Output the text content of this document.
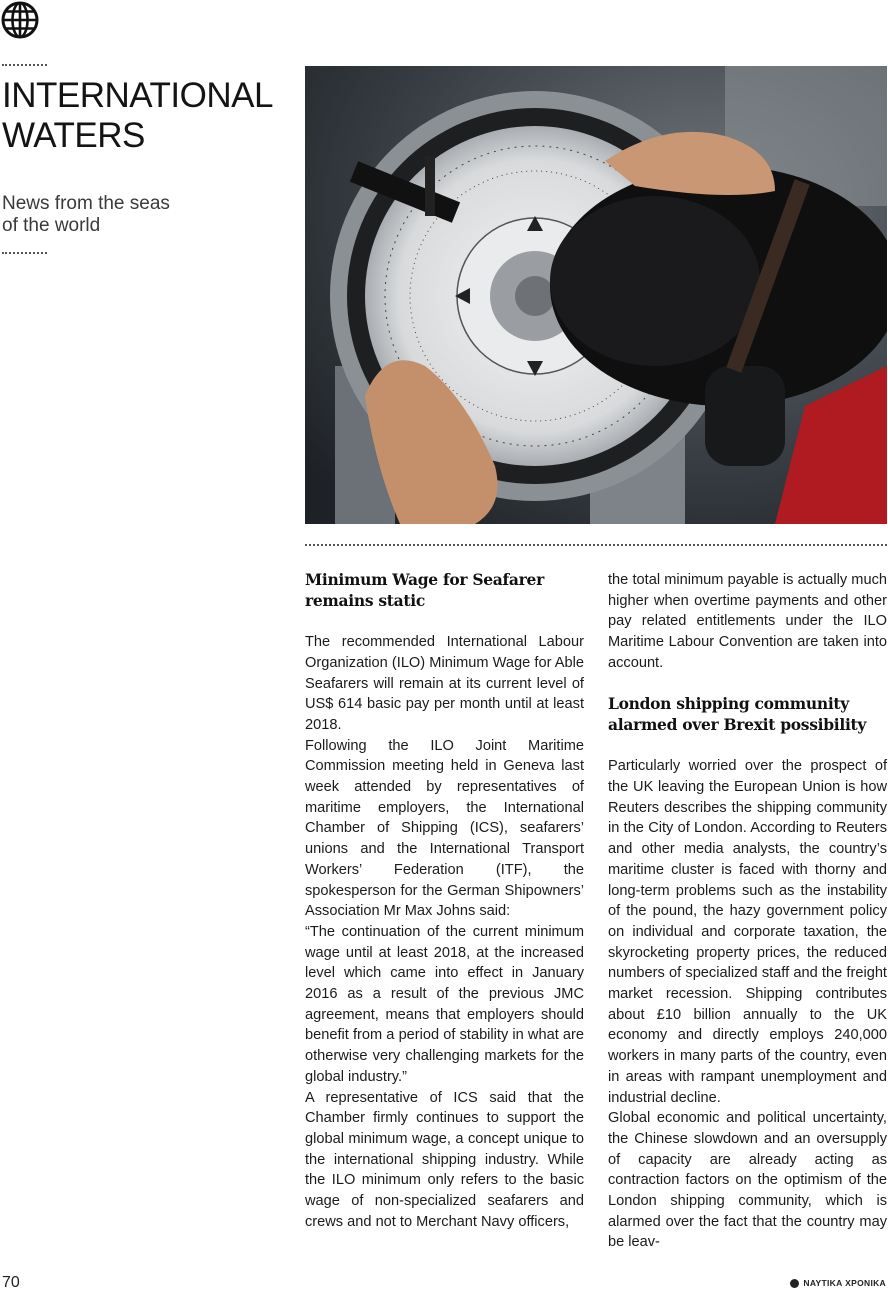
INTERNATIONAL
WATERS
News from the seas
of the world
Minimum Wage for Seafarer
remains static

The recommended International Labour Organization (ILO) Minimum Wage for Able Seafarers will remain at its current level of US$ 614 basic pay per month until at least 2018.

Following the ILO Joint Maritime Commission meeting held in Geneva last week attended by representatives of maritime employers, the International Chamber of Shipping (ICS), seafarers’ unions and the International Transport Workers’ Federation (ITF), the spokesperson for the German Shipowners’ Association Mr Max Johns said:

“The continuation of the current minimum wage until at least 2018, at the increased level which came into effect in January 2016 as a result of the previous JMC agreement, means that employers should benefit from a period of stability in what are otherwise very challenging markets for the global industry.”

A representative of ICS said that the Chamber firmly continues to support the global minimum wage, a concept unique to the international shipping industry. While the ILO minimum only refers to the basic wage of non-specialized seafarers and crews and not to Merchant Navy officers,

the total minimum payable is actually much higher when overtime payments and other pay related entitlements under the ILO Maritime Labour Convention are taken into account.

London shipping community
alarmed over Brexit possibility

Particularly worried over the prospect of the UK leaving the European Union is how Reuters describes the shipping community in the City of London. According to Reuters and other media analysts, the country’s maritime cluster is faced with thorny and long-term problems such as the instability of the pound, the hazy government policy on individual and corporate taxation, the skyrocketing property prices, the reduced numbers of specialized staff and the freight market recession. Shipping contributes about £10 billion annually to the UK economy and directly employs 240,000 workers in many parts of the country, even in areas with rampant unemployment and industrial decline.

Global economic and political uncertainty, the Chinese slowdown and an oversupply of capacity are already acting as contraction factors on the optimism of the London shipping community, which is alarmed over the fact that the country may be leav-

70	ΝΑΥΤΙΚΑ ΧΡΟΝΙΚΑ
